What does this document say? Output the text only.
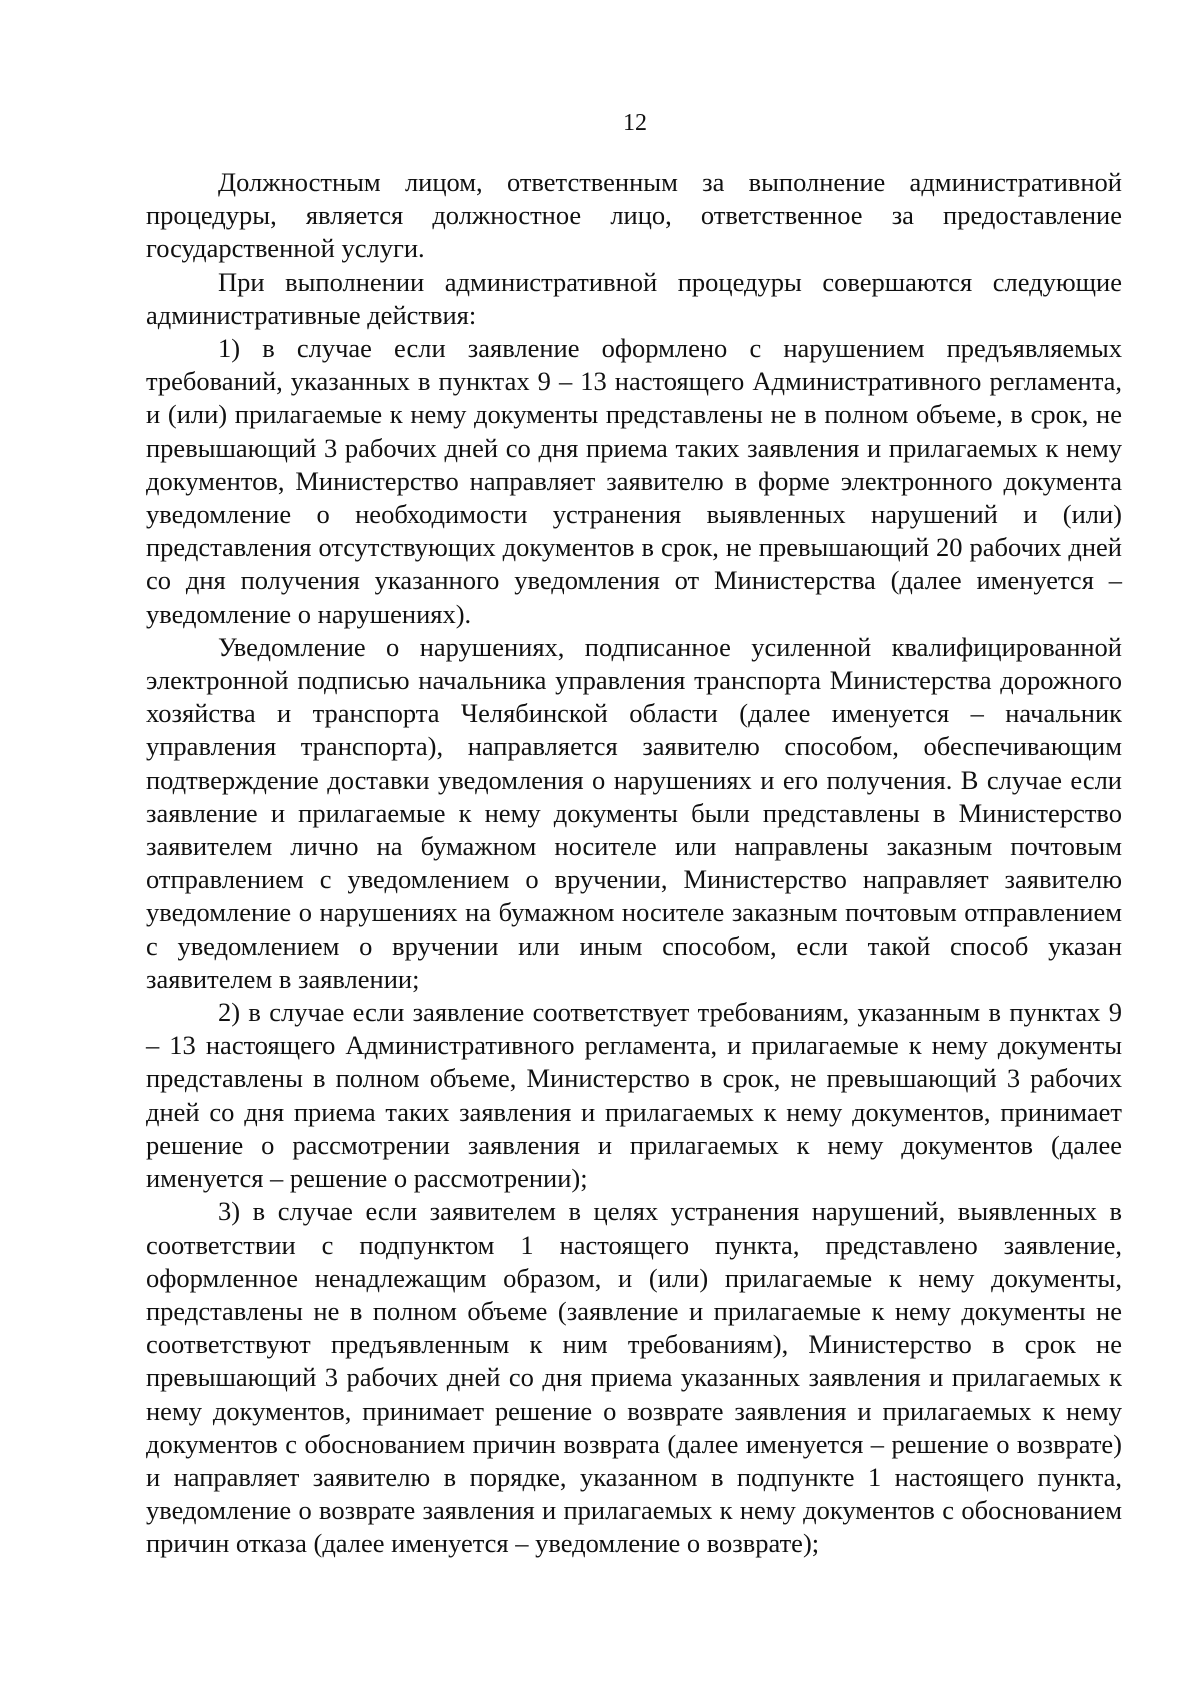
12

Должностным лицом, ответственным за выполнение административной процедуры, является должностное лицо, ответственное за предоставление государственной услуги.

При выполнении административной процедуры совершаются следующие административные действия:

1) в случае если заявление оформлено с нарушением предъявляемых требований, указанных в пунктах 9 – 13 настоящего Административного регламента, и (или) прилагаемые к нему документы представлены не в полном объеме, в срок, не превышающий 3 рабочих дней со дня приема таких заявления и прилагаемых к нему документов, Министерство направляет заявителю в форме электронного документа уведомление о необходимости устранения выявленных нарушений и (или) представления отсутствующих документов в срок, не превышающий 20 рабочих дней со дня получения указанного уведомления от Министерства (далее именуется – уведомление о нарушениях).

Уведомление о нарушениях, подписанное усиленной квалифицированной электронной подписью начальника управления транспорта Министерства дорожного хозяйства и транспорта Челябинской области (далее именуется – начальник управления транспорта), направляется заявителю способом, обеспечивающим подтверждение доставки уведомления о нарушениях и его получения. В случае если заявление и прилагаемые к нему документы были представлены в Министерство заявителем лично на бумажном носителе или направлены заказным почтовым отправлением с уведомлением о вручении, Министерство направляет заявителю уведомление о нарушениях на бумажном носителе заказным почтовым отправлением с уведомлением о вручении или иным способом, если такой способ указан заявителем в заявлении;

2) в случае если заявление соответствует требованиям, указанным в пунктах 9 – 13 настоящего Административного регламента, и прилагаемые к нему документы представлены в полном объеме, Министерство в срок, не превышающий 3 рабочих дней со дня приема таких заявления и прилагаемых к нему документов, принимает решение о рассмотрении заявления и прилагаемых к нему документов (далее именуется – решение о рассмотрении);

3) в случае если заявителем в целях устранения нарушений, выявленных в соответствии с подпунктом 1 настоящего пункта, представлено заявление, оформленное ненадлежащим образом, и (или) прилагаемые к нему документы, представлены не в полном объеме (заявление и прилагаемые к нему документы не соответствуют предъявленным к ним требованиям), Министерство в срок не превышающий 3 рабочих дней со дня приема указанных заявления и прилагаемых к нему документов, принимает решение о возврате заявления и прилагаемых к нему документов с обоснованием причин возврата (далее именуется – решение о возврате) и направляет заявителю в порядке, указанном в подпункте 1 настоящего пункта, уведомление о возврате заявления и прилагаемых к нему документов с обоснованием причин отказа (далее именуется – уведомление о возврате);
